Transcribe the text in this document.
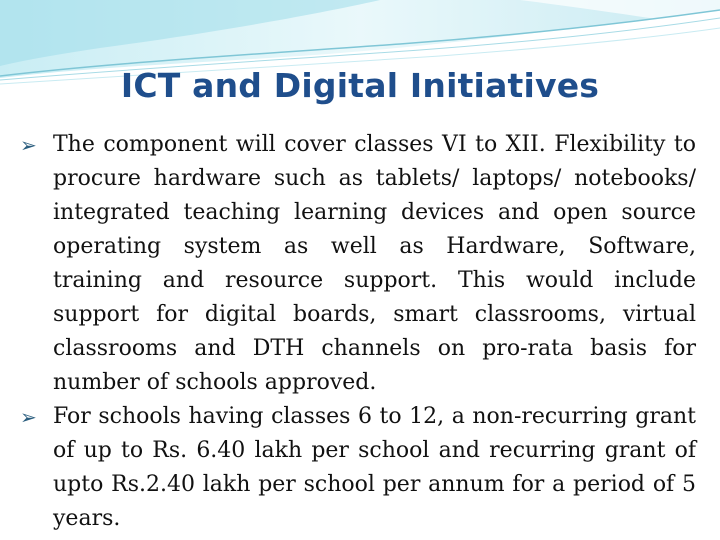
ICT and Digital Initiatives
➢ The component will cover classes VI to XII. Flexibility to procure hardware such as tablets/ laptops/ notebooks/ integrated teaching learning devices and open source operating system as well as Hardware, Software, training and resource support. This would include support for digital boards, smart classrooms, virtual classrooms and DTH channels on pro-rata basis for number of schools approved.
➢ For schools having classes 6 to 12, a non-recurring grant of up to Rs. 6.40 lakh per school and recurring grant of upto Rs.2.40 lakh per school per annum for a period of 5 years.
